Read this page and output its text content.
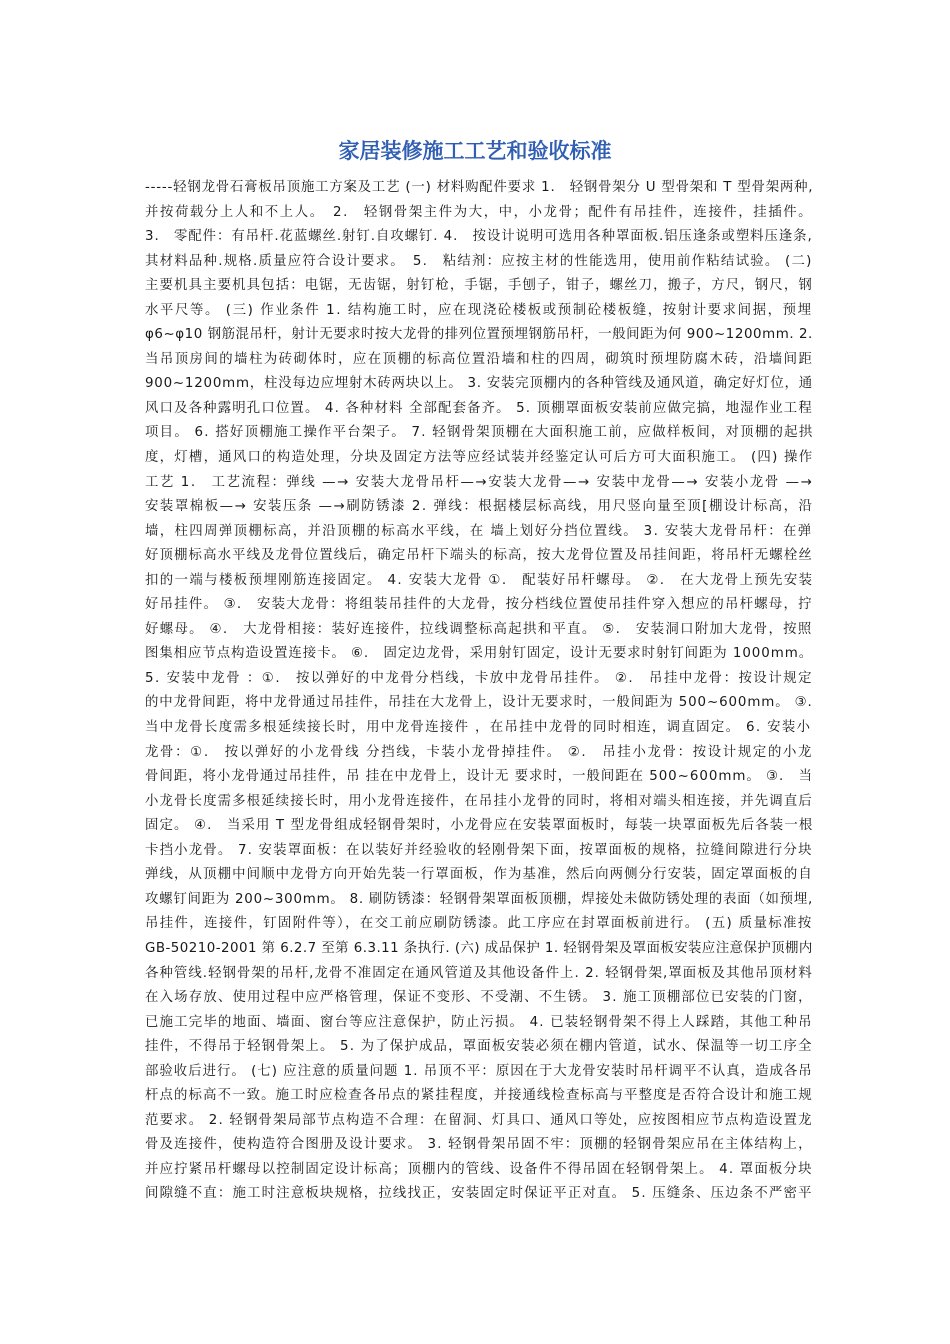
家居装修施工工艺和验收标准
-----轻钢龙骨石膏板吊顶施工方案及工艺 (一) 材料购配件要求 1.　轻钢骨架分 U 型骨架和 T 型骨架两种,
并按荷载分上人和不上人。　2.　轻钢骨架主件为大，中，小龙骨；配件有吊挂件，连接件，挂插件。
3.　零配件：有吊杆.花蓝螺丝.射钉.自攻螺钉. 4.　按设计说明可选用各种罩面板.铝压逢条或塑料压逢条,
其材料品种.规格.质量应符合设计要求。　5.　粘结剂：应按主材的性能选用，使用前作粘结试验。 (二)
主要机具主要机具包括：电锯，无齿锯，射钉枪，手锯，手刨子，钳子，螺丝刀，搬子，方尺，钢尺，钢
水平尺等。 (三) 作业条件 1. 结构施工时，应在现浇砼楼板或预制砼楼板缝，按射计要求间据，预埋
φ6~φ10 钢筋混吊杆，射计无要求时按大龙骨的排列位置预埋钢筋吊杆，一般间距为何 900~1200mm. 2.
当吊顶房间的墙柱为砖砌体时，应在顶棚的标高位置沿墙和柱的四周，砌筑时预埋防腐木砖，沿墙间距
900~1200mm，柱没每边应埋射木砖两块以上。 3. 安装完顶棚内的各种管线及通风道，确定好灯位，通
风口及各种露明孔口位置。 4. 各种材料 全部配套备齐。 5. 顶棚罩面板安装前应做完搞，地湿作业工程
项目。 6. 搭好顶棚施工操作平台架子。 7. 轻钢骨架顶棚在大面积施工前，应做样板间，对顶棚的起拱
度，灯槽，通风口的构造处理，分块及固定方法等应经试装并经鉴定认可后方可大面积施工。 (四) 操作
工艺 1.　工艺流程：弹线 —→ 安装大龙骨吊杆—→安装大龙骨—→ 安装中龙骨—→ 安装小龙骨 —→
安装罩棉板—→ 安装压条 —→刷防锈漆 2. 弹线：根据楼层标高线，用尺竖向量至顶[棚设计标高，沿
墙，柱四周弹顶棚标高，并沿顶棚的标高水平线，在 墙上划好分挡位置线。 3. 安装大龙骨吊杆：在弹
好顶棚标高水平线及龙骨位置线后，确定吊杆下端头的标高，按大龙骨位置及吊挂间距，将吊杆无螺栓丝
扣的一端与楼板预埋刚筋连接固定。 4. 安装大龙骨 ①.　配装好吊杆螺母。 ②.　在大龙骨上预先安装
好吊挂件。 ③.　安装大龙骨：将组装吊挂件的大龙骨，按分档线位置使吊挂件穿入想应的吊杆螺母，拧
好螺母。 ④.　大龙骨相接：装好连接件，拉线调整标高起拱和平直。 ⑤.　安装洞口附加大龙骨，按照
图集相应节点构造设置连接卡。 ⑥.　固定边龙骨，采用射钉固定，设计无要求时射钉间距为 1000mm。
5. 安装中龙骨 ：①.　按以弹好的中龙骨分档线，卡放中龙骨吊挂件。 ②.　吊挂中龙骨：按设计规定
的中龙骨间距，将中龙骨通过吊挂件，吊挂在大龙骨上，设计无要求时，一般间距为 500~600mm。 ③.
当中龙骨长度需多根延续接长时，用中龙骨连接件 ，在吊挂中龙骨的同时相连，调直固定。 6. 安装小
龙骨：①.　按以弹好的小龙骨线 分挡线，卡装小龙骨掉挂件。 ②.　吊挂小龙骨：按设计规定的小龙
骨间距，将小龙骨通过吊挂件，吊 挂在中龙骨上，设计无 要求时，一般间距在 500~600mm。 ③.　当
小龙骨长度需多根延续接长时，用小龙骨连接件，在吊挂小龙骨的同时，将相对端头相连接，并先调直后
固定。 ④.　当采用 T 型龙骨组成轻钢骨架时，小龙骨应在安装罩面板时，每装一块罩面板先后各装一根
卡挡小龙骨。 7. 安装罩面板：在以装好并经验收的轻刚骨架下面，按罩面板的规格，拉缝间隙进行分块
弹线，从顶棚中间顺中龙骨方向开始先装一行罩面板，作为基准，然后向两侧分行安装，固定罩面板的自
攻螺钉间距为 200~300mm。 8. 刷防锈漆：轻钢骨架罩面板顶棚，焊接处未做防锈处理的表面（如预埋,
吊挂件，连接件，钉固附件等），在交工前应刷防锈漆。此工序应在封罩面板前进行。 (五) 质量标准按
GB-50210-2001 第 6.2.7 至第 6.3.11 条执行. (六) 成品保护 1. 轻钢骨架及罩面板安装应注意保护顶棚内
各种管线.轻钢骨架的吊杆,龙骨不准固定在通风管道及其他设备件上. 2. 轻钢骨架,罩面板及其他吊顶材料
在入场存放、使用过程中应严格管理，保证不变形、不受潮、不生锈。 3. 施工顶棚部位已安装的门窗，
已施工完毕的地面、墙面、窗台等应注意保护，防止污损。 4. 已装轻钢骨架不得上人踩踏，其他工种吊
挂件，不得吊于轻钢骨架上。 5. 为了保护成品，罩面板安装必须在棚内管道，试水、保温等一切工序全
部验收后进行。 (七) 应注意的质量问题 1. 吊顶不平：原因在于大龙骨安装时吊杆调平不认真，造成各吊
杆点的标高不一致。施工时应检查各吊点的紧挂程度，并接通线检查标高与平整度是否符合设计和施工规
范要求。 2. 轻钢骨架局部节点构造不合理：在留洞、灯具口、通风口等处，应按图相应节点构造设置龙
骨及连接件，使构造符合图册及设计要求。 3. 轻钢骨架吊固不牢：顶棚的轻钢骨架应吊在主体结构上，
并应拧紧吊杆螺母以控制固定设计标高；顶棚内的管线、设备件不得吊固在轻钢骨架上。 4. 罩面板分块
间隙缝不直：施工时注意板块规格，拉线找正，安装固定时保证平正对直。 5. 压缝条、压边条不严密平
